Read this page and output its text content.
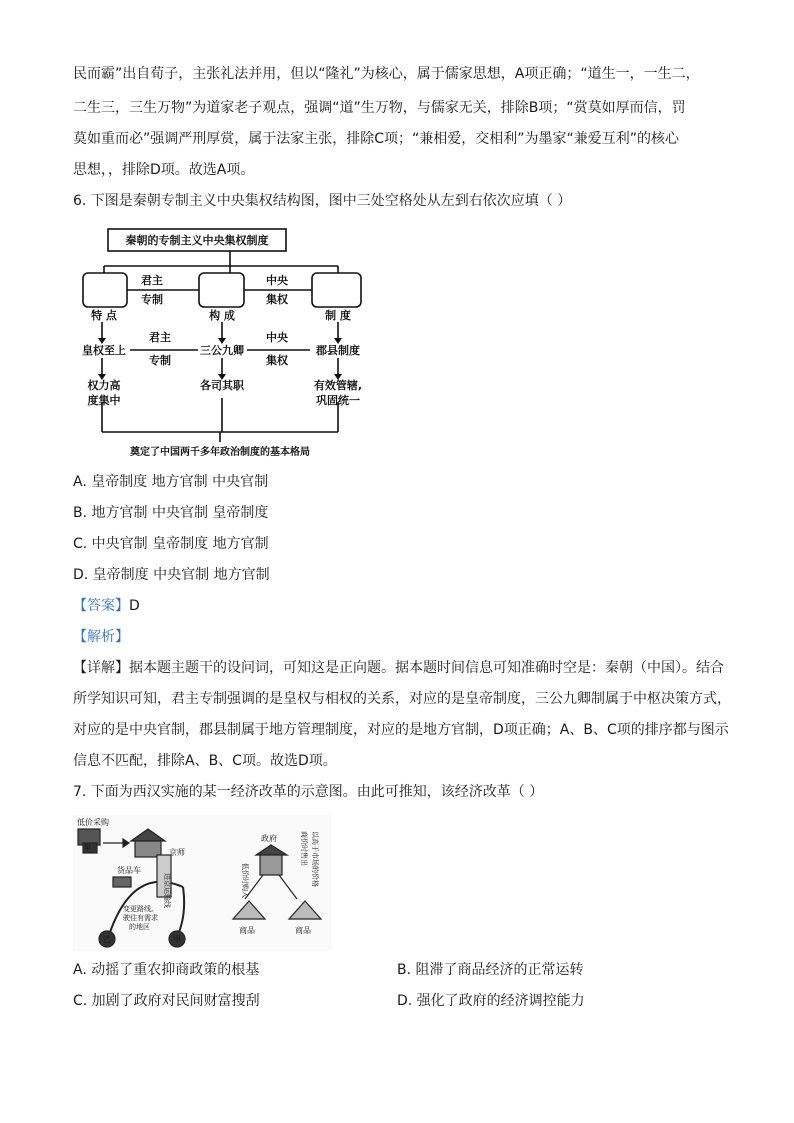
民而霸”出自荀子，主张礼法并用，但以“隆礼”为核心，属于儒家思想，A项正确；“道生一，一生二，
二生三，三生万物”为道家老子观点，强调“道”生万物，与儒家无关，排除B项；“赏莫如厚而信，罚
莫如重而必”强调严刑厚赏，属于法家主张，排除C项；“兼相爱，交相利”为墨家“兼爱互利”的核心
思想，，排除D项。故选A项。
6. 下图是秦朝专制主义中央集权结构图，图中三处空格处从左到右依次应填（ ）
秦朝的专制主义中央集权制度
君主
专制
中央
集权
特 点	构 成	制 度
皇权至上	三公九卿	郡县制度
君主
专制
中央
集权
权力高
度集中
各司其职	有效管辖,
巩固统一
奠定了中国两千多年政治制度的基本格局
A. 皇帝制度 地方官制 中央官制
B. 地方官制 中央官制 皇帝制度
C. 中央官制 皇帝制度 地方官制
D. 皇帝制度 中央官制 地方官制
【答案】D
【解析】
【详解】据本题主题干的设问词，可知这是正向题。据本题时间信息可知准确时空是：秦朝（中国）。结合
所学知识可知，君主专制强调的是皇权与相权的关系，对应的是皇帝制度，三公九卿制属于中枢决策方式，
对应的是中央官制，郡县制属于地方管理制度，对应的是地方官制，D项正确；A、B、C项的排序都与图示
信息不匹配，排除A、B、C项。故选D项。
7. 下面为西汉实施的某一经济改革的示意图。由此可推知，该经济改革（ ）
低价采购
京师
进京运输线
货品车
变更路线,
驶往有需求
的地区
乙	甲
甲
政府
低价时购入	以高于市场的价格
商价时售出
商品	商品
A. 动摇了重农抑商政策的根基	B. 阻滞了商品经济的正常运转
C. 加剧了政府对民间财富搜刮	D. 强化了政府的经济调控能力
